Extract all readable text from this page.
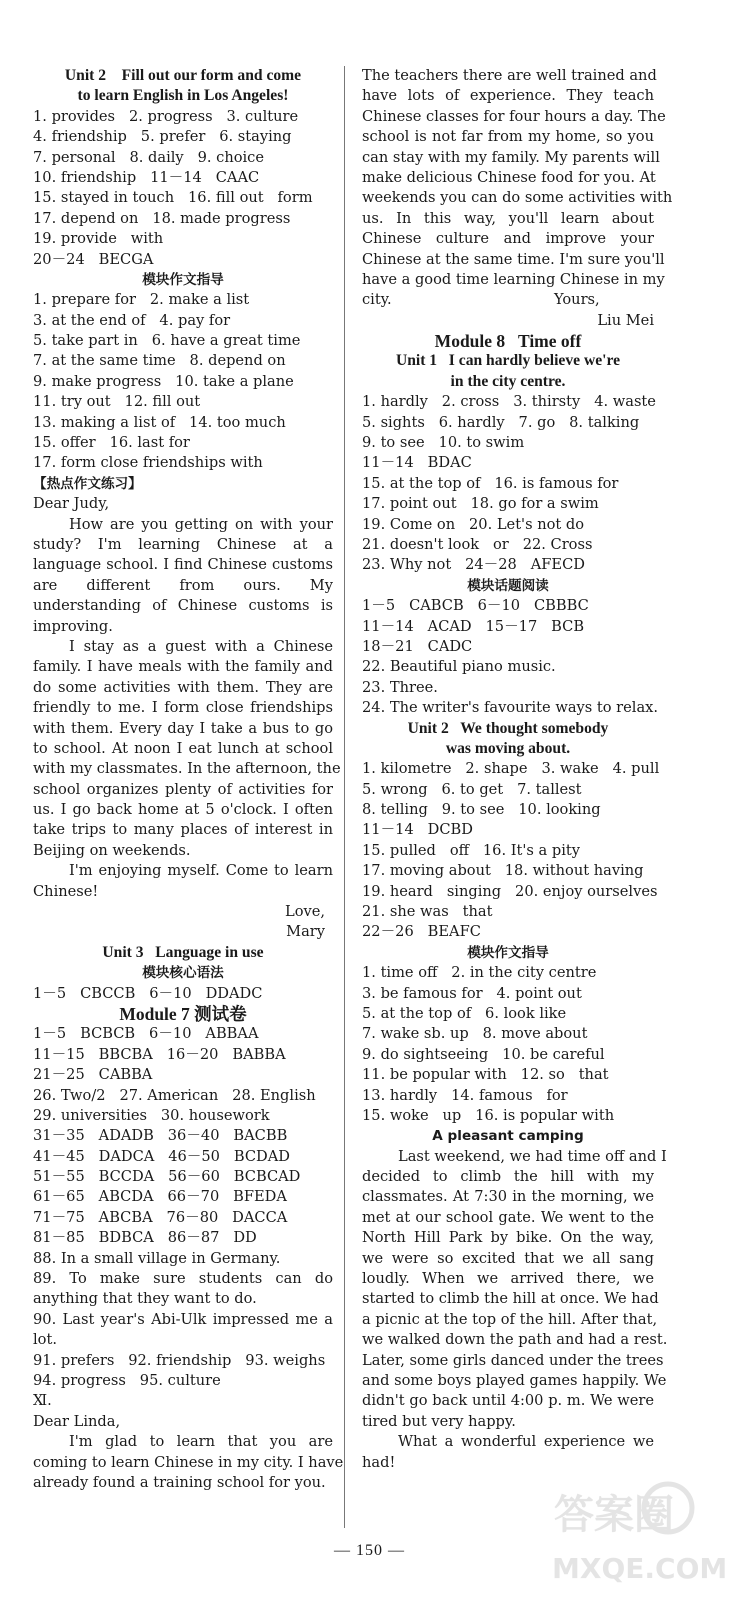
Unit 2    Fill out our form and come
to learn English in Los Angeles!
1. provides   2. progress   3. culture
4. friendship   5. prefer   6. staying
7. personal   8. daily   9. choice
10. friendship   11－14   CAAC
15. stayed in touch   16. fill out   form
17. depend on   18. made progress
19. provide   with
20－24   BECGA
模块作文指导
1. prepare for   2. make a list
3. at the end of   4. pay for
5. take part in   6. have a great time
7. at the same time   8. depend on
9. make progress   10. take a plane
11. try out   12. fill out
13. making a list of   14. too much
15. offer   16. last for
17. form close friendships with
【热点作文练习】
Dear Judy,
How are you getting on with your
study? I'm learning Chinese at a
language school. I find Chinese customs
are different from ours. My
understanding of Chinese customs is
improving.
I stay as a guest with a Chinese
family. I have meals with the family and
do some activities with them. They are
friendly to me. I form close friendships
with them. Every day I take a bus to go
to school. At noon I eat lunch at school
with my classmates. In the afternoon, the
school organizes plenty of activities for
us. I go back home at 5 o'clock. I often
take trips to many places of interest in
Beijing on weekends.
I'm enjoying myself. Come to learn
Chinese!
Love,
Mary
Unit 3   Language in use
模块核心语法
1－5   CBCCB   6－10   DDADC
Module 7 测试卷
1－5   BCBCB   6－10   ABBAA
11－15   BBCBA   16－20   BABBA
21－25   CABBA
26. Two/2   27. American   28. English
29. universities   30. housework
31－35   ADADB   36－40   BACBB
41－45   DADCA   46－50   BCDAD
51－55   BCCDA   56－60   BCBCAD
61－65   ABCDA   66－70   BFEDA
71－75   ABCBA   76－80   DACCA
81－85   BDBCA   86－87   DD
88. In a small village in Germany.
89. To make sure students can do
anything that they want to do.
90. Last year's Abi-Ulk impressed me a
lot.
91. prefers   92. friendship   93. weighs
94. progress   95. culture
Ⅺ.
Dear Linda,
I'm glad to learn that you are
coming to learn Chinese in my city. I have
already found a training school for you.
The teachers there are well trained and
have lots of experience. They teach
Chinese classes for four hours a day. The
school is not far from my home, so you
can stay with my family. My parents will
make delicious Chinese food for you. At
weekends you can do some activities with
us. In this way, you'll learn about
Chinese culture and improve your
Chinese at the same time. I'm sure you'll
have a good time learning Chinese in my
city.                                   Yours,
Liu Mei
Module 8   Time off
Unit 1   I can hardly believe we're
in the city centre.
1. hardly   2. cross   3. thirsty   4. waste
5. sights   6. hardly   7. go   8. talking
9. to see   10. to swim
11－14   BDAC
15. at the top of   16. is famous for
17. point out   18. go for a swim
19. Come on   20. Let's not do
21. doesn't look   or   22. Cross
23. Why not   24－28   AFECD
模块话题阅读
1－5   CABCB   6－10   CBBBC
11－14   ACAD   15－17   BCB
18－21   CADC
22. Beautiful piano music.
23. Three.
24. The writer's favourite ways to relax.
Unit 2   We thought somebody
was moving about.
1. kilometre   2. shape   3. wake   4. pull
5. wrong   6. to get   7. tallest
8. telling   9. to see   10. looking
11－14   DCBD
15. pulled   off   16. It's a pity
17. moving about   18. without having
19. heard   singing   20. enjoy ourselves
21. she was   that
22－26   BEAFC
模块作文指导
1. time off   2. in the city centre
3. be famous for   4. point out
5. at the top of   6. look like
7. wake sb. up   8. move about
9. do sightseeing   10. be careful
11. be popular with   12. so   that
13. hardly   14. famous   for
15. woke   up   16. is popular with
A pleasant camping
Last weekend, we had time off and I
decided to climb the hill with my
classmates. At 7:30 in the morning, we
met at our school gate. We went to the
North Hill Park by bike. On the way,
we were so excited that we all sang
loudly. When we arrived there, we
started to climb the hill at once. We had
a picnic at the top of the hill. After that,
we walked down the path and had a rest.
Later, some girls danced under the trees
and some boys played games happily. We
didn't go back until 4:00 p. m. We were
tired but very happy.
What a wonderful experience we
had!
— 150 —
答案圈
MXQE.COM
